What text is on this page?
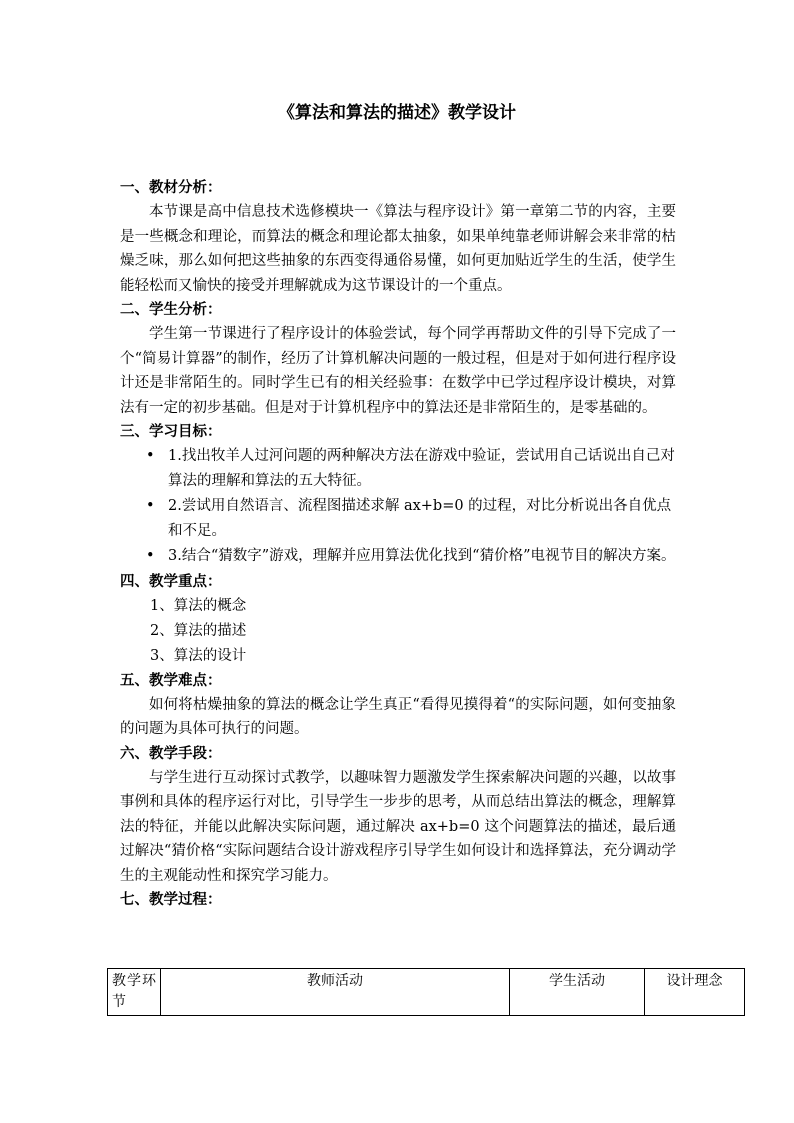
《算法和算法的描述》教学设计
一、教材分析：

本节课是高中信息技术选修模块一《算法与程序设计》第一章第二节的内容，主要是一些概念和理论，而算法的概念和理论都太抽象，如果单纯靠老师讲解会来非常的枯燥乏味，那么如何把这些抽象的东西变得通俗易懂，如何更加贴近学生的生活，使学生能轻松而又愉快的接受并理解就成为这节课设计的一个重点。

二、学生分析：

学生第一节课进行了程序设计的体验尝试，每个同学再帮助文件的引导下完成了一个“简易计算器”的制作，经历了计算机解决问题的一般过程，但是对于如何进行程序设计还是非常陌生的。同时学生已有的相关经验事：在数学中已学过程序设计模块，对算法有一定的初步基础。但是对于计算机程序中的算法还是非常陌生的，是零基础的。

三、学习目标：
• 1.找出牧羊人过河问题的两种解决方法在游戏中验证，尝试用自己话说出自己对算法的理解和算法的五大特征。
• 2.尝试用自然语言、流程图描述求解 ax+b=0 的过程，对比分析说出各自优点和不足。
• 3.结合“猜数字”游戏，理解并应用算法优化找到“猜价格”电视节目的解决方案。
四、教学重点：
1、算法的概念
2、算法的描述
3、算法的设计
五、教学难点：

如何将枯燥抽象的算法的概念让学生真正“看得见摸得着“的实际问题，如何变抽象的问题为具体可执行的问题。

六、教学手段：

与学生进行互动探讨式教学，以趣味智力题激发学生探索解决问题的兴趣，以故事事例和具体的程序运行对比，引导学生一步步的思考，从而总结出算法的概念，理解算法的特征，并能以此解决实际问题，通过解决 ax+b=0 这个问题算法的描述，最后通过解决“猜价格“实际问题结合设计游戏程序引导学生如何设计和选择算法，充分调动学生的主观能动性和探究学习能力。

七、教学过程：
教学环节	教师活动	学生活动	设计理念
